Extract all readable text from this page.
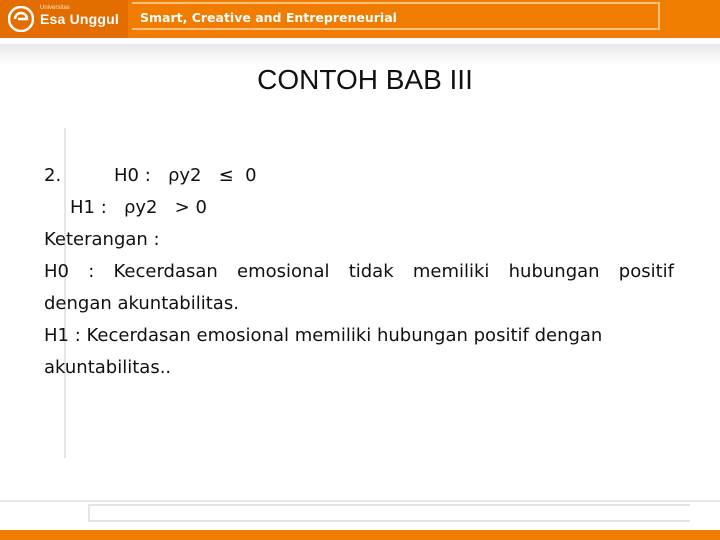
Universitas
Esa Unggul Smart, Creative and Entrepreneurial
CONTOH BAB III
2.	H0 :   ρy2   ≤  0
H1 :   ρy2   > 0
Keterangan :
H0 : Kecerdasan emosional tidak memiliki hubungan positif
dengan akuntabilitas.
H1 : Kecerdasan emosional memiliki hubungan positif dengan akuntabilitas..
